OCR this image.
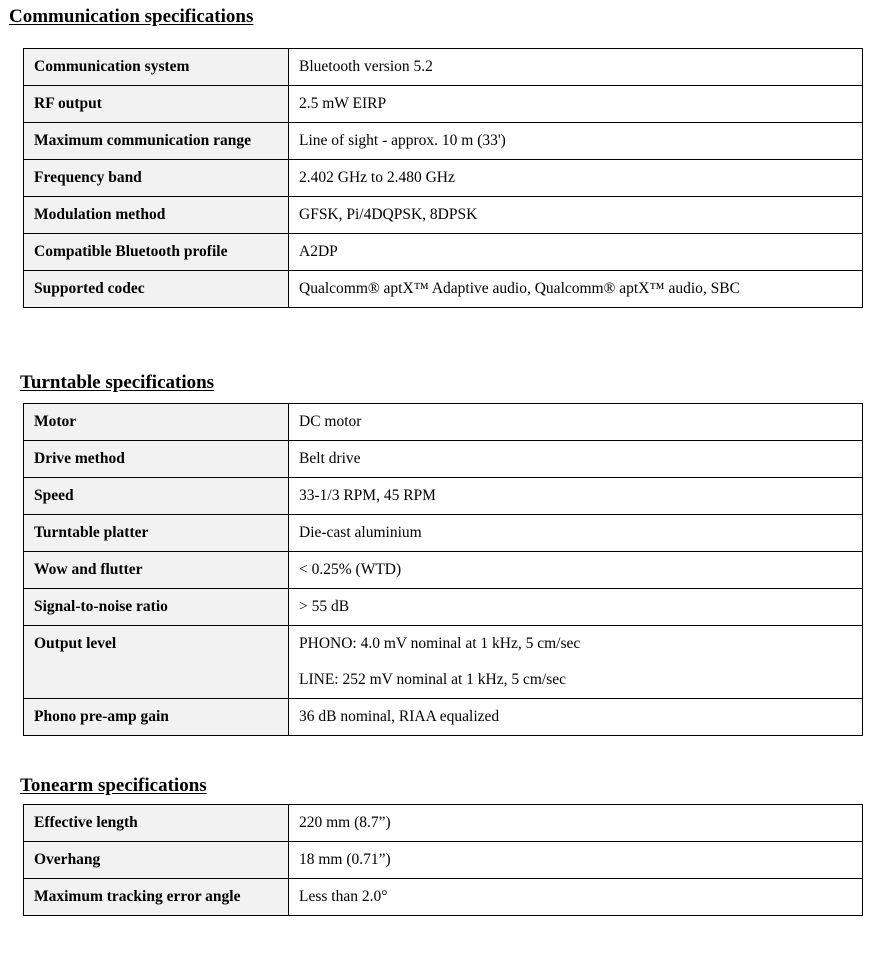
Communication specifications
Communication system	Bluetooth version 5.2
RF output	2.5 mW EIRP
Maximum communication range	Line of sight - approx. 10 m (33')
Frequency band	2.402 GHz to 2.480 GHz
Modulation method	GFSK, Pi/4DQPSK, 8DPSK
Compatible Bluetooth profile	A2DP
Supported codec	Qualcomm® aptX™ Adaptive audio, Qualcomm® aptX™ audio, SBC
Turntable specifications
Motor	DC motor
Drive method	Belt drive
Speed	33-1/3 RPM, 45 RPM
Turntable platter	Die-cast aluminium
Wow and flutter	< 0.25% (WTD)
Signal-to-noise ratio	> 55 dB
Output level	PHONO: 4.0 mV nominal at 1 kHz, 5 cm/sec
LINE: 252 mV nominal at 1 kHz, 5 cm/sec

Phono pre-amp gain	36 dB nominal, RIAA equalized
Tonearm specifications
Effective length	220 mm (8.7”)
Overhang	18 mm (0.71”)
Maximum tracking error angle	Less than 2.0°
